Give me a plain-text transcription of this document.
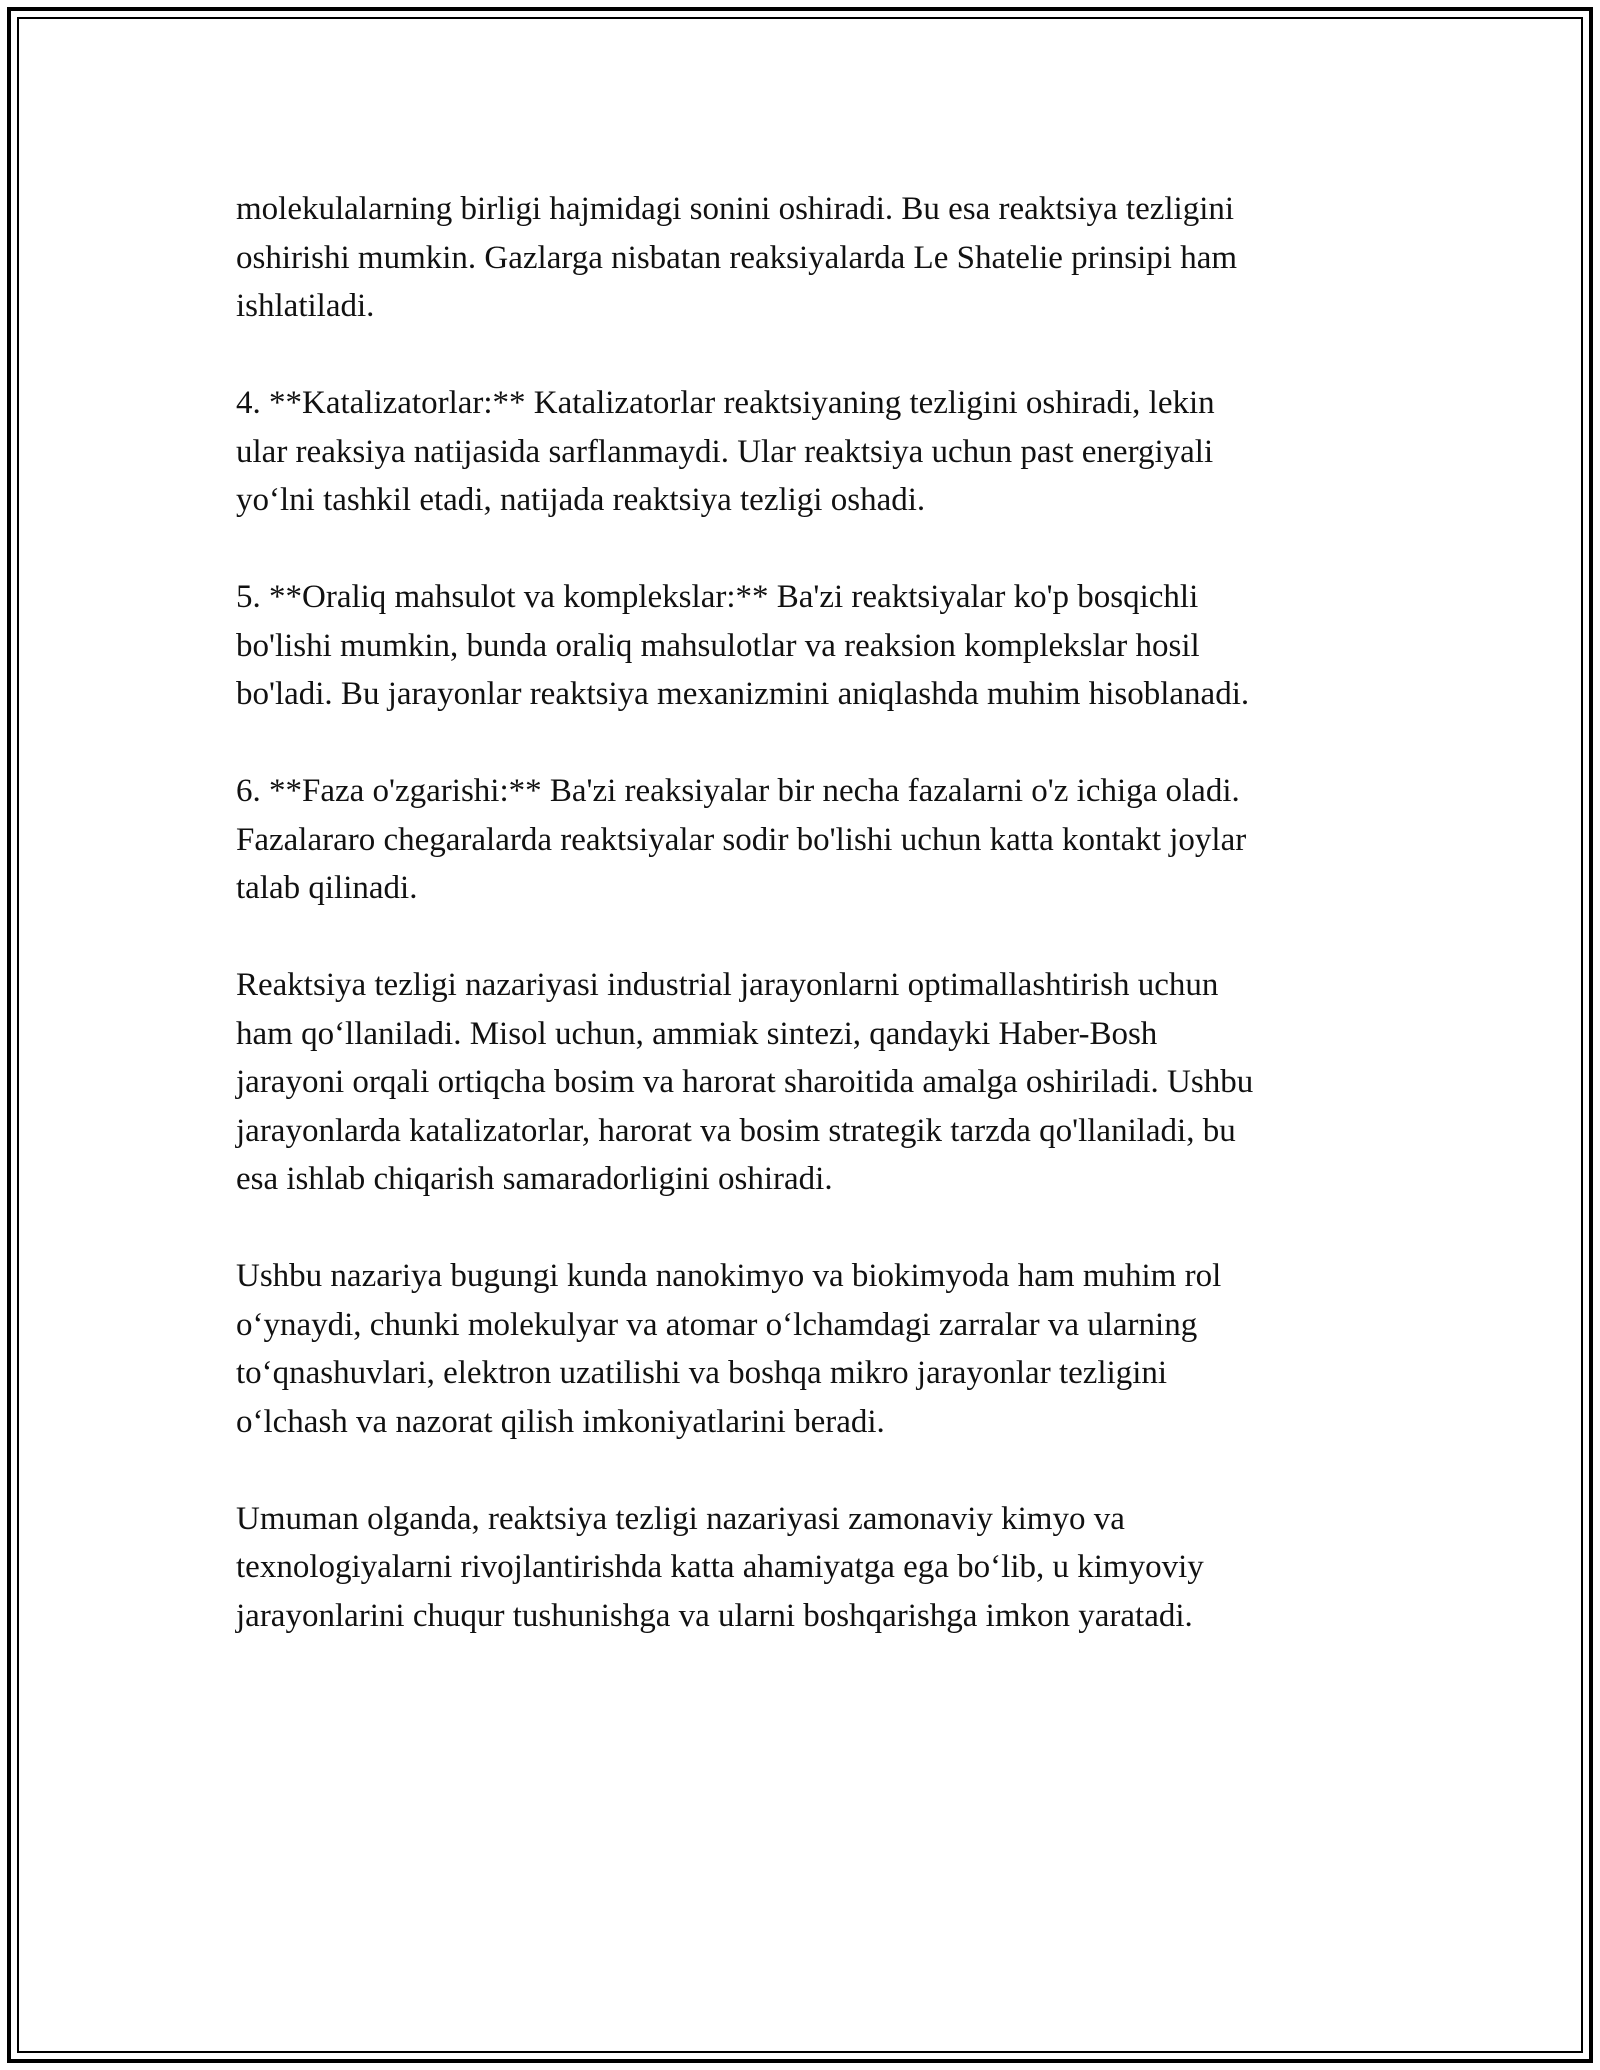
molekulalarning birligi hajmidagi sonini oshiradi. Bu esa reaktsiya tezligini
oshirishi mumkin. Gazlarga nisbatan reaksiyalarda Le Shatelie prinsipi ham
ishlatiladi.

4. **Katalizatorlar:** Katalizatorlar reaktsiyaning tezligini oshiradi, lekin
ular reaksiya natijasida sarflanmaydi. Ular reaktsiya uchun past energiyali
yo‘lni tashkil etadi, natijada reaktsiya tezligi oshadi.

5. **Oraliq mahsulot va komplekslar:** Ba'zi reaktsiyalar ko'p bosqichli
bo'lishi mumkin, bunda oraliq mahsulotlar va reaksion komplekslar hosil
bo'ladi. Bu jarayonlar reaktsiya mexanizmini aniqlashda muhim hisoblanadi.

6. **Faza o'zgarishi:** Ba'zi reaksiyalar bir necha fazalarni o'z ichiga oladi.
Fazalararo chegaralarda reaktsiyalar sodir bo'lishi uchun katta kontakt joylar
talab qilinadi.

Reaktsiya tezligi nazariyasi industrial jarayonlarni optimallashtirish uchun
ham qo‘llaniladi. Misol uchun, ammiak sintezi, qandayki Haber-Bosh
jarayoni orqali ortiqcha bosim va harorat sharoitida amalga oshiriladi. Ushbu
jarayonlarda katalizatorlar, harorat va bosim strategik tarzda qo'llaniladi, bu
esa ishlab chiqarish samaradorligini oshiradi.

Ushbu nazariya bugungi kunda nanokimyo va biokimyoda ham muhim rol
o‘ynaydi, chunki molekulyar va atomar o‘lchamdagi zarralar va ularning
to‘qnashuvlari, elektron uzatilishi va boshqa mikro jarayonlar tezligini
o‘lchash va nazorat qilish imkoniyatlarini beradi.

Umuman olganda, reaktsiya tezligi nazariyasi zamonaviy kimyo va
texnologiyalarni rivojlantirishda katta ahamiyatga ega bo‘lib, u kimyoviy
jarayonlarini chuqur tushunishga va ularni boshqarishga imkon yaratadi.
